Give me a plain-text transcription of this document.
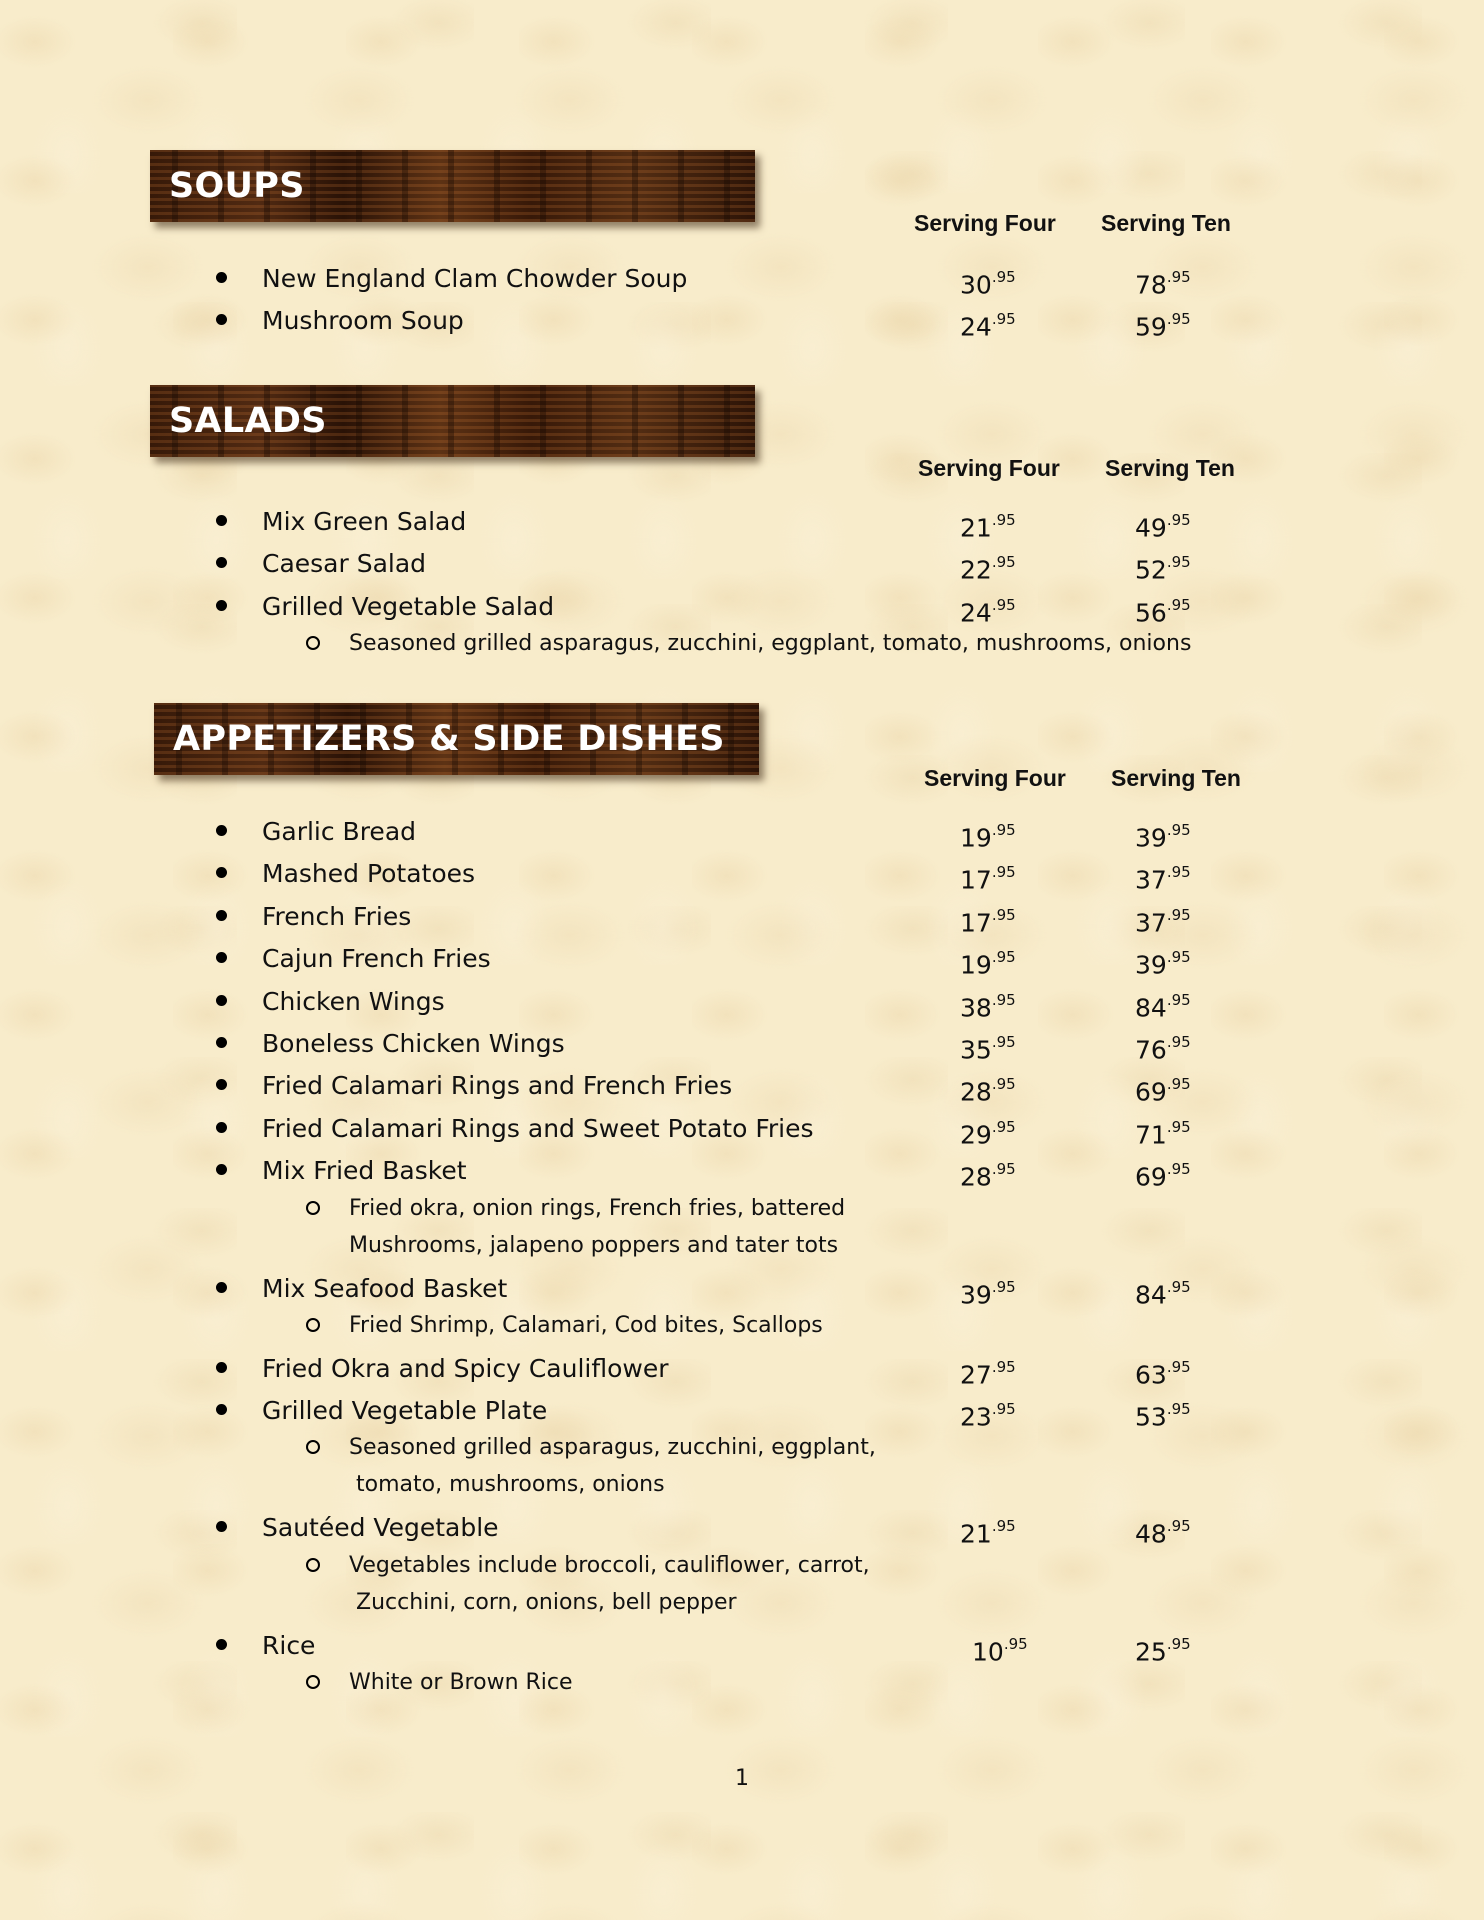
SOUPS
Serving Four Serving Ten
SALADS
Serving Four Serving Ten
APPETIZERS & SIDE DISHES
Serving Four Serving Ten
1
New England Clam Chowder Soup	$30^{.95}$	$78^{.95}$
Mushroom Soup	$24^{.95}$	$59^{.95}$
Mix Green Salad	$21^{.95}$	$49^{.95}$
Caesar Salad	$22^{.95}$	$52^{.95}$
Grilled Vegetable Salad	$24^{.95}$	$56^{.95}$
Seasoned grilled asparagus, zucchini, eggplant, tomato, mushrooms, onions
Garlic Bread	$19^{.95}$	$39^{.95}$
Mashed Potatoes	$17^{.95}$	$37^{.95}$
French Fries	$17^{.95}$	$37^{.95}$
Cajun French Fries	$19^{.95}$	$39^{.95}$
Chicken Wings	$38^{.95}$	$84^{.95}$
Boneless Chicken Wings	$35^{.95}$	$76^{.95}$
Fried Calamari Rings and French Fries	$28^{.95}$	$69^{.95}$
Fried Calamari Rings and Sweet Potato Fries	$29^{.95}$	$71^{.95}$
Mix Fried Basket	$28^{.95}$	$69^{.95}$
Fried okra, onion rings, French fries, battered
Mushrooms, jalapeno poppers and tater tots
Mix Seafood Basket	$39^{.95}$	$84^{.95}$
Fried Shrimp, Calamari, Cod bites, Scallops
Fried Okra and Spicy Cauliflower	$27^{.95}$	$63^{.95}$
Grilled Vegetable Plate	$23^{.95}$	$53^{.95}$
Seasoned grilled asparagus, zucchini, eggplant,
tomato, mushrooms, onions
Sautéed Vegetable	$21^{.95}$	$48^{.95}$
Vegetables include broccoli, cauliflower, carrot,
Zucchini, corn, onions, bell pepper
Rice	$10^{.95}$	$25^{.95}$
White or Brown Rice
